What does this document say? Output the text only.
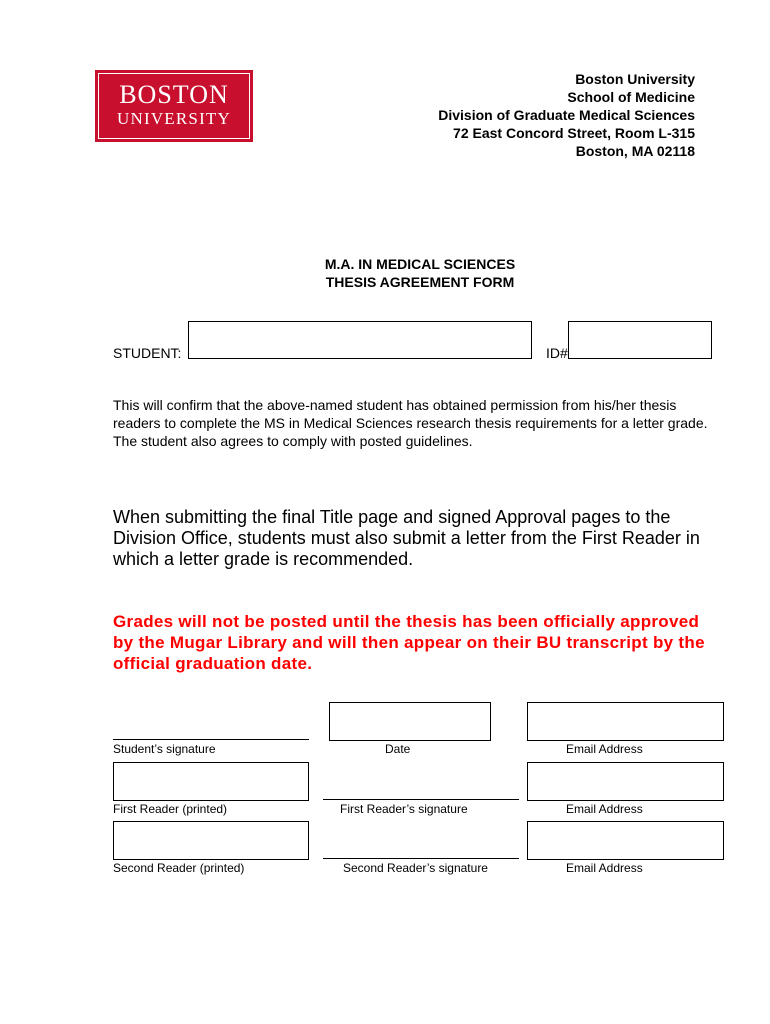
BOSTON
UNIVERSITY
Boston University
School of Medicine
Division of Graduate Medical Sciences
72 East Concord Street, Room L-315
Boston, MA 02118
M.A. IN MEDICAL SCIENCES
THESIS AGREEMENT FORM
STUDENT:	ID#
This will confirm that the above-named student has obtained permission from his/her thesis readers to complete the MS in Medical Sciences research thesis requirements for a letter grade. The student also agrees to comply with posted guidelines.
When submitting the final Title page and signed Approval pages to the Division Office, students must also submit a letter from the First Reader in which a letter grade is recommended.
Grades will not be posted until the thesis has been officially approved by the Mugar Library and will then appear on their BU transcript by the official graduation date.
Student’s signature	Date	Email Address
First Reader (printed)	First Reader’s signature	Email Address
Second Reader (printed)	Second Reader’s signature	Email Address
